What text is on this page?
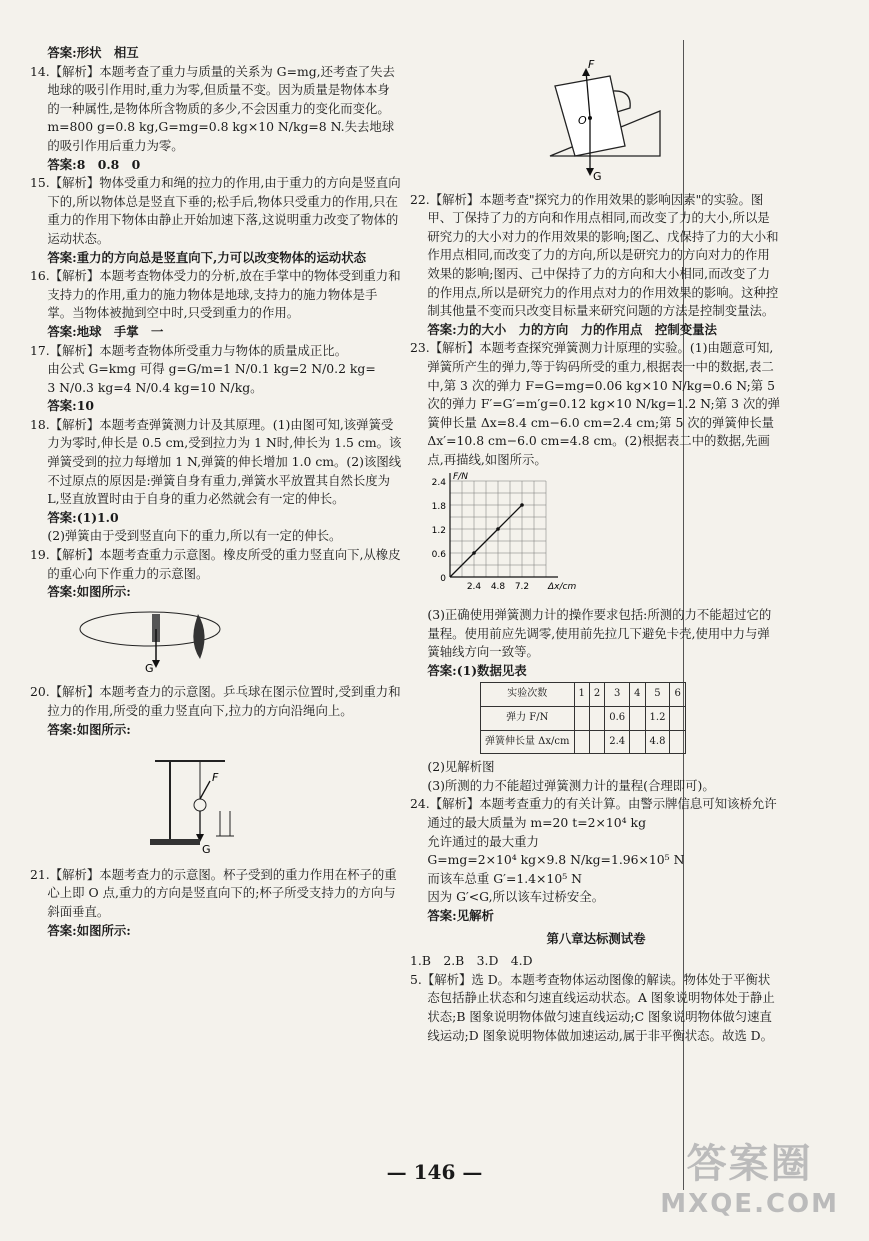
答案:形状　相互

14.【解析】本题考查了重力与质量的关系为 G=mg,还考查了失去地球的吸引作用时,重力为零,但质量不变。因为质量是物体本身的一种属性,是物体所含物质的多少,不会因重力的变化而变化。　m=800 g=0.8 kg,G=mg=0.8 kg×10 N/kg=8 N.失去地球的吸引作用后重力为零。

答案:8　0.8　0

15.【解析】物体受重力和绳的拉力的作用,由于重力的方向是竖直向下的,所以物体总是竖直下垂的;松手后,物体只受重力的作用,只在重力的作用下物体由静止开始加速下落,这说明重力改变了物体的运动状态。

答案:重力的方向总是竖直向下,力可以改变物体的运动状态

16.【解析】本题考查物体受力的分析,放在手掌中的物体受到重力和支持力的作用,重力的施力物体是地球,支持力的施力物体是手掌。当物体被抛到空中时,只受到重力的作用。

答案:地球　手掌　一

17.【解析】本题考查物体所受重力与物体的质量成正比。

由公式 G=kmg 可得 g=G/m=1 N/0.1 kg=2 N/0.2 kg=

3 N/0.3 kg=4 N/0.4 kg=10 N/kg。

答案:10

18.【解析】本题考查弹簧测力计及其原理。(1)由图可知,该弹簧受力为零时,伸长是 0.5 cm,受到拉力为 1 N时,伸长为 1.5 cm。该弹簧受到的拉力每增加 1 N,弹簧的伸长增加 1.0 cm。(2)该图线不过原点的原因是:弹簧自身有重力,弹簧水平放置其自然长度为 L,竖直放置时由于自身的重力必然就会有一定的伸长。

答案:(1)1.0

(2)弹簧由于受到竖直向下的重力,所以有一定的伸长。

19.【解析】本题考查重力示意图。橡皮所受的重力竖直向下,从橡皮的重心向下作重力的示意图。

答案:如图所示:

G

20.【解析】本题考查力的示意图。乒乓球在图示位置时,受到重力和拉力的作用,所受的重力竖直向下,拉力的方向沿绳向上。

答案:如图所示:

F
G

21.【解析】本题考查力的示意图。杯子受到的重力作用在杯子的重心上即 O 点,重力的方向是竖直向下的;杯子所受支持力的方向与斜面垂直。

答案:如图所示:

O
F
G

22.【解析】本题考查"探究力的作用效果的影响因素"的实验。图甲、丁保持了力的方向和作用点相同,而改变了力的大小,所以是研究力的大小对力的作用效果的影响;图乙、戊保持了力的大小和作用点相同,而改变了力的方向,所以是研究力的方向对力的作用效果的影响;图丙、己中保持了力的方向和大小相同,而改变了力的作用点,所以是研究力的作用点对力的作用效果的影响。这种控制其他量不变而只改变目标量来研究问题的方法是控制变量法。

答案:力的大小　力的方向　力的作用点　控制变量法

23.【解析】本题考查探究弹簧测力计原理的实验。(1)由题意可知,弹簧所产生的弹力,等于钩码所受的重力,根据表一中的数据,表二中,第 3 次的弹力 F=G=mg=0.06 kg×10 N/kg=0.6 N;第 5 次的弹力 F′=G′=m′g=0.12 kg×10 N/kg=1.2 N;第 3 次的弹簧伸长量 Δx=8.4 cm−6.0 cm=2.4 cm;第 5 次的弹簧伸长量 Δx′=10.8 cm−6.0 cm=4.8 cm。(2)根据表二中的数据,先画点,再描线,如图所示。

0
0.6
1.2
1.8
2.4
2.4 4.8 7.2
F/N
Δx/cm

(3)正确使用弹簧测力计的操作要求包括:所测的力不能超过它的量程。使用前应先调零,使用前先拉几下避免卡壳,使用中力与弹簧轴线方向一致等。

答案:(1)数据见表

实验次数	1	2	3	4	5	6
弹力 F/N			0.6		1.2	
弹簧伸长量 Δx/cm			2.4		4.8	

(2)见解析图

(3)所测的力不能超过弹簧测力计的量程(合理即可)。

24.【解析】本题考查重力的有关计算。由警示牌信息可知该桥允许通过的最大质量为 m=20 t=2×10⁴ kg

允许通过的最大重力

G=mg=2×10⁴ kg×9.8 N/kg=1.96×10⁵ N

而该车总重 G′=1.4×10⁵ N

因为 G′<G,所以该车过桥安全。

答案:见解析

第八章达标测试卷

1.B　2.B　3.D　4.D

5.【解析】选 D。本题考查物体运动图像的解读。物体处于平衡状态包括静止状态和匀速直线运动状态。A 图象说明物体处于静止状态;B 图象说明物体做匀速直线运动;C 图象说明物体做匀速直线运动;D 图象说明物体做加速运动,属于非平衡状态。故选 D。

— 146 —	答案圈
MXQE.COM
